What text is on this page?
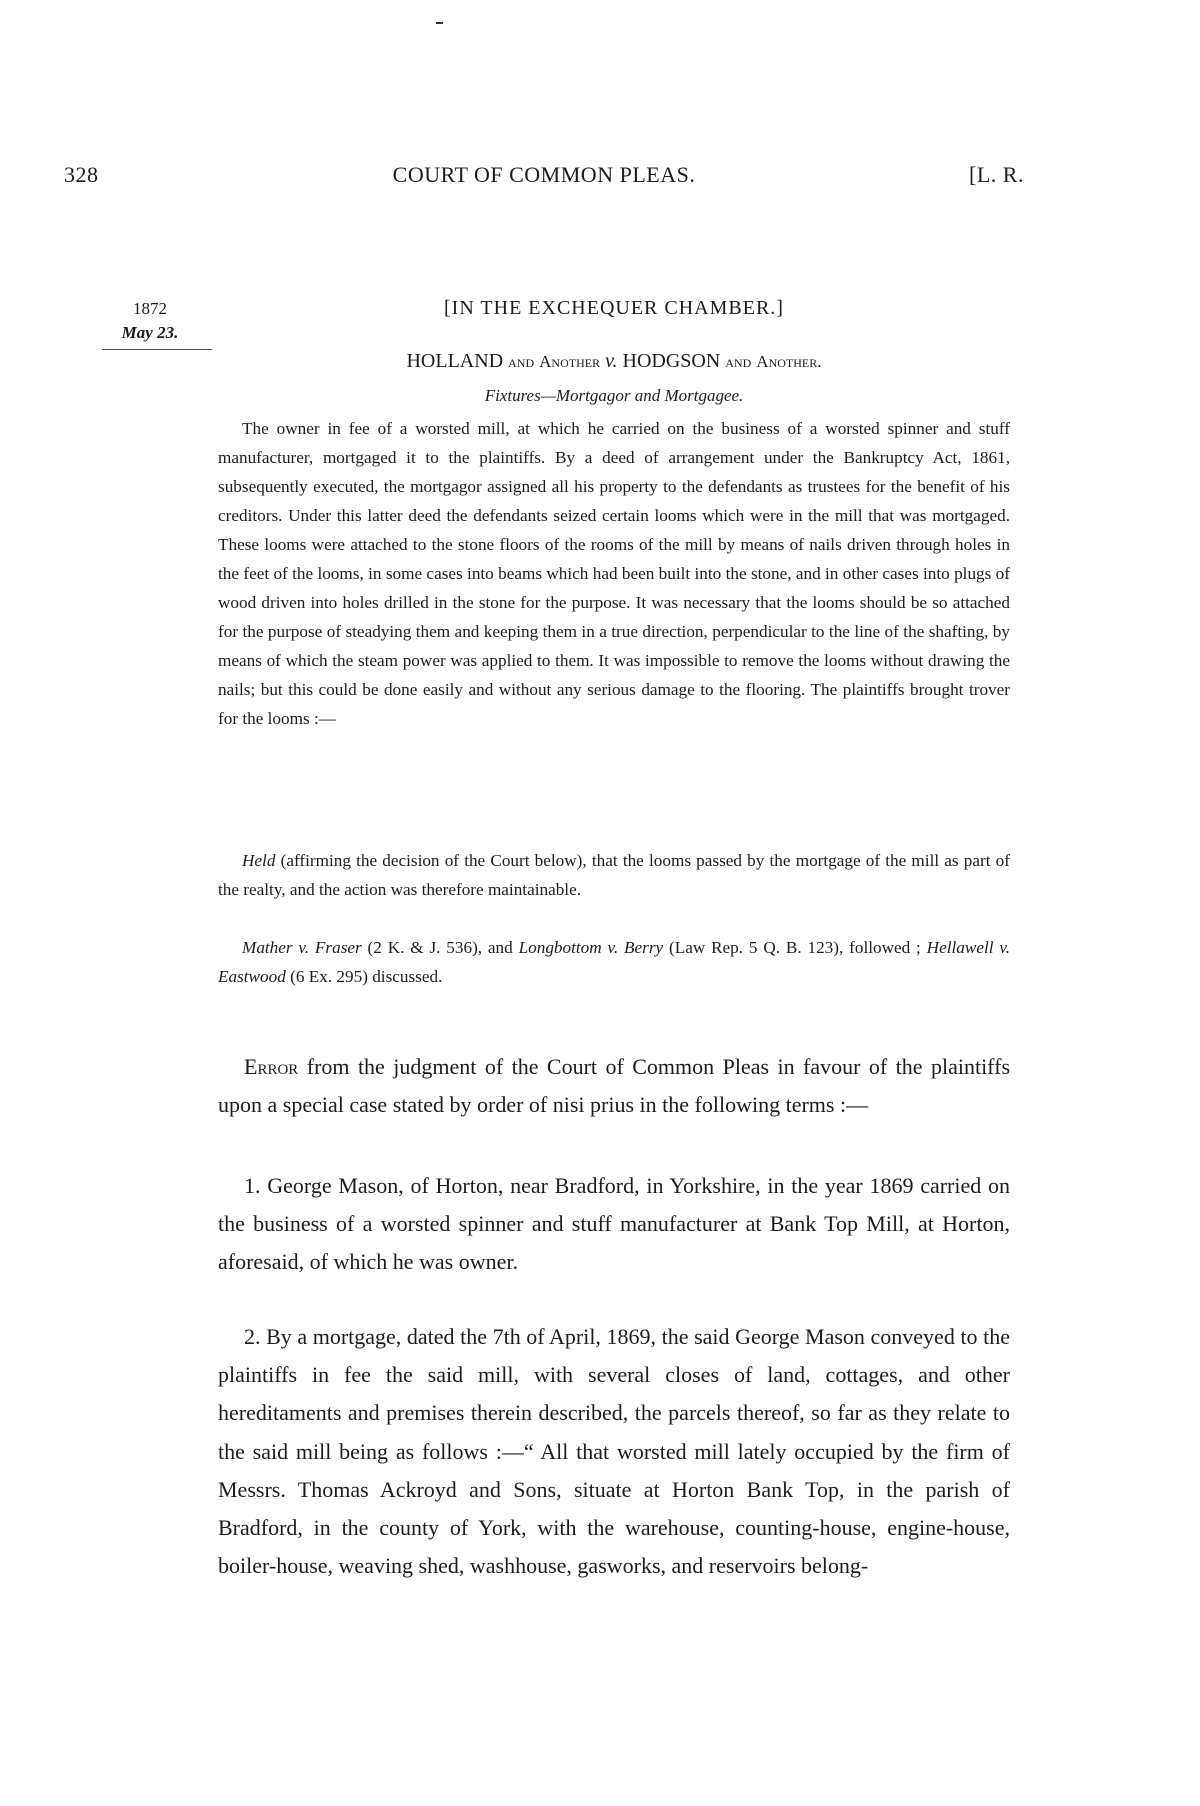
328	COURT OF COMMON PLEAS.	[L. R.
1872
May 23.
[IN THE EXCHEQUER CHAMBER.]
HOLLAND and Another v. HODGSON and Another.
Fixtures—Mortgagor and Mortgagee.

The owner in fee of a worsted mill, at which he carried on the business of a worsted spinner and stuff manufacturer, mortgaged it to the plaintiffs. By a deed of arrangement under the Bankruptcy Act, 1861, subsequently executed, the mortgagor assigned all his property to the defendants as trustees for the benefit of his creditors. Under this latter deed the defendants seized certain looms which were in the mill that was mortgaged. These looms were attached to the stone floors of the rooms of the mill by means of nails driven through holes in the feet of the looms, in some cases into beams which had been built into the stone, and in other cases into plugs of wood driven into holes drilled in the stone for the purpose. It was necessary that the looms should be so attached for the purpose of steadying them and keeping them in a true direction, perpendicular to the line of the shafting, by means of which the steam power was applied to them. It was impossible to remove the looms without drawing the nails; but this could be done easily and without any serious damage to the flooring. The plaintiffs brought trover for the looms :—

Held (affirming the decision of the Court below), that the looms passed by the mortgage of the mill as part of the realty, and the action was therefore maintainable.

Mather v. Fraser (2 K. & J. 536), and Longbottom v. Berry (Law Rep. 5 Q. B. 123), followed ; Hellawell v. Eastwood (6 Ex. 295) discussed.

Error from the judgment of the Court of Common Pleas in favour of the plaintiffs upon a special case stated by order of nisi prius in the following terms :—

1. George Mason, of Horton, near Bradford, in Yorkshire, in the year 1869 carried on the business of a worsted spinner and stuff manufacturer at Bank Top Mill, at Horton, aforesaid, of which he was owner.

2. By a mortgage, dated the 7th of April, 1869, the said George Mason conveyed to the plaintiffs in fee the said mill, with several closes of land, cottages, and other hereditaments and premises therein described, the parcels thereof, so far as they relate to the said mill being as follows :—“ All that worsted mill lately occupied by the firm of Messrs. Thomas Ackroyd and Sons, situate at Horton Bank Top, in the parish of Bradford, in the county of York, with the warehouse, counting-house, engine-house, boiler-house, weaving shed, washhouse, gasworks, and reservoirs belong-
